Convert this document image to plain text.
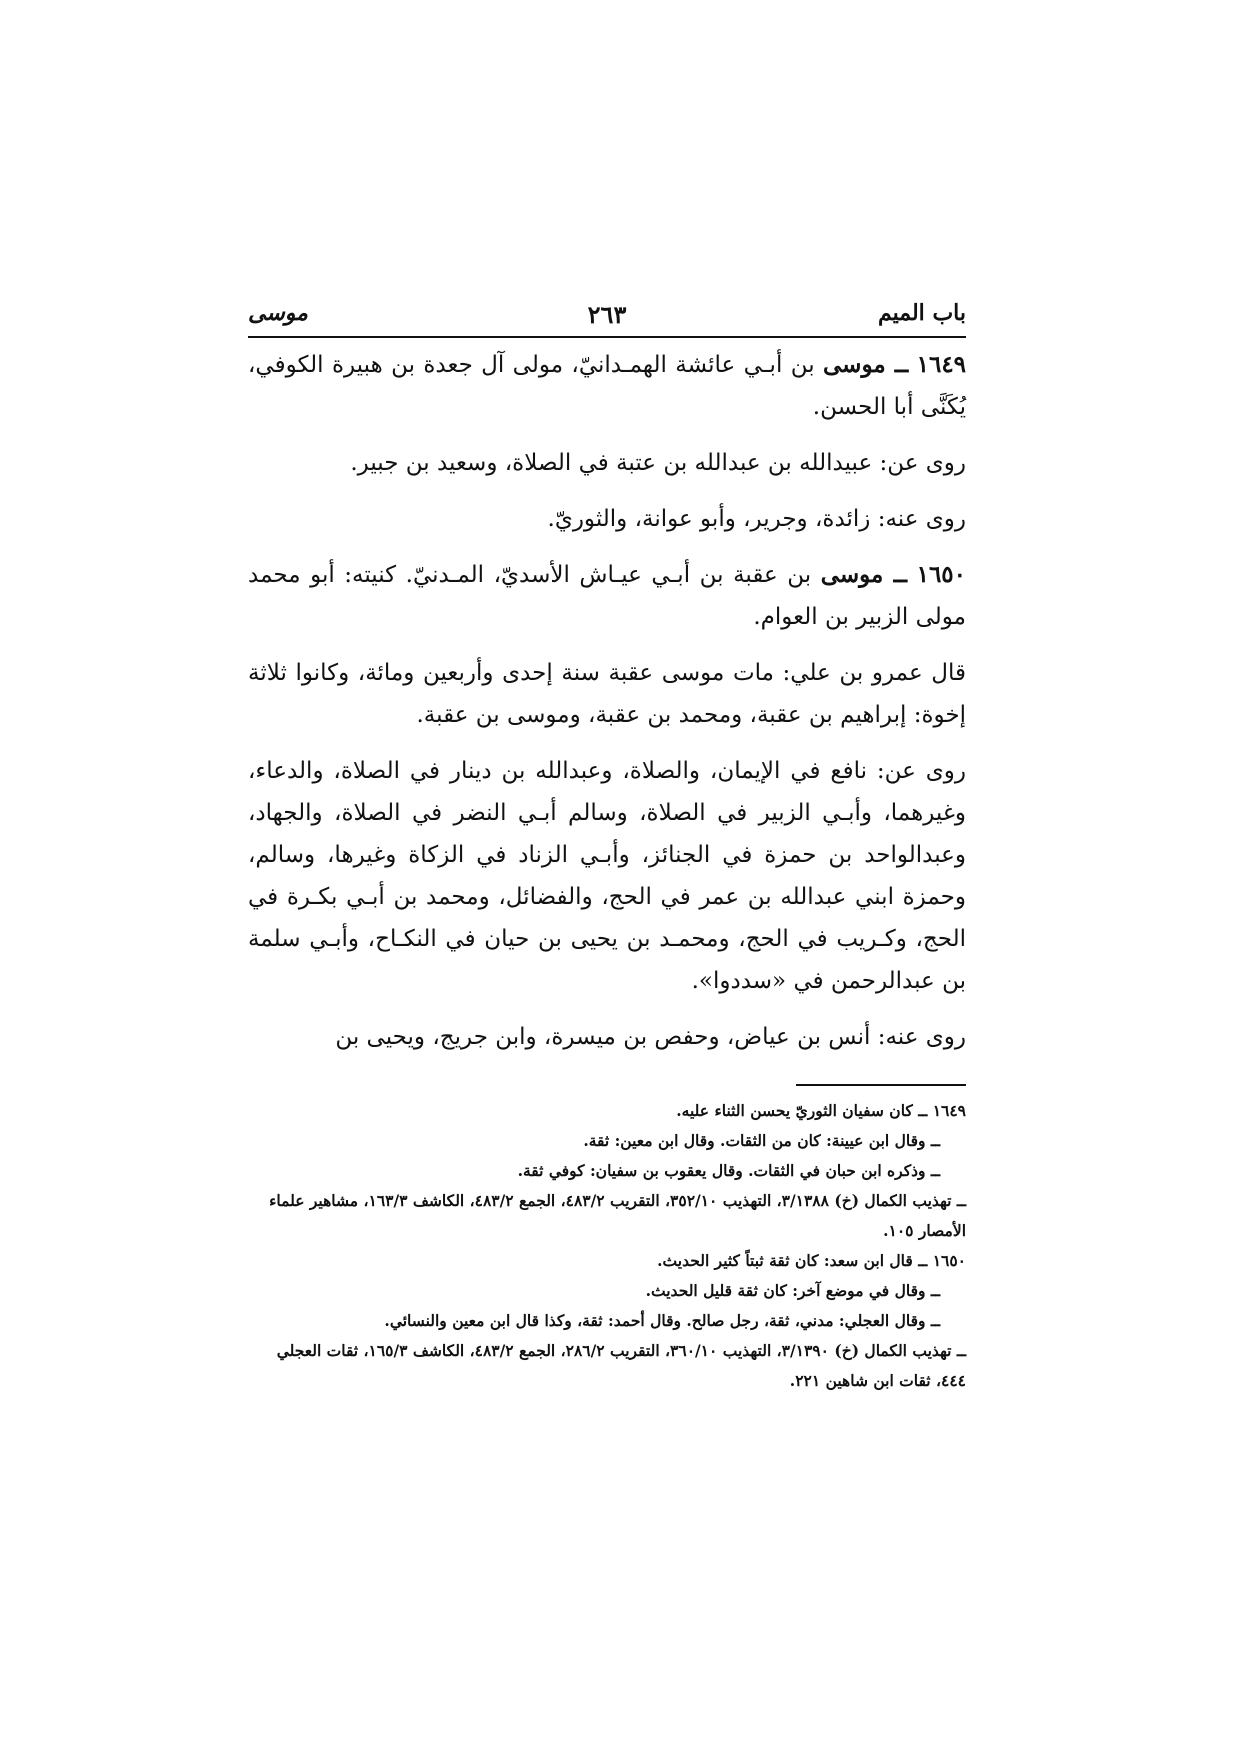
باب الميم
٢٦٣
موسى

١٦٤٩ ــ موسى بن أبـي عائشة الهمـدانيّ، مولى آل جعدة بن هبيرة الكوفي، يُكَنَّى أبا الحسن.

روى عن: عبيدالله بن عبدالله بن عتبة في الصلاة، وسعيد بن جبير.

روى عنه: زائدة، وجرير، وأبو عوانة، والثوريّ.

١٦٥٠ ــ موسى بن عقبة بن أبـي عيـاش الأسديّ، المـدنيّ. كنيته: أبو محمد مولى الزبير بن العوام.

قال عمرو بن علي: مات موسى عقبة سنة إحدى وأربعين ومائة، وكانوا ثلاثة إخوة: إبراهيم بن عقبة، ومحمد بن عقبة، وموسى بن عقبة.

روى عن: نافع في الإيمان، والصلاة، وعبدالله بن دينار في الصلاة، والدعاء، وغيرهما، وأبـي الزبير في الصلاة، وسالم أبـي النضر في الصلاة، والجهاد، وعبدالواحد بن حمزة في الجنائز، وأبـي الزناد في الزكاة وغيرها، وسالم، وحمزة ابني عبدالله بن عمر في الحج، والفضائل، ومحمد بن أبـي بكـرة في الحج، وكـريب في الحج، ومحمـد بن يحيى بن حيان في النكـاح، وأبـي سلمة بن عبدالرحمن في «سددوا».

روى عنه: أنس بن عياض، وحفص بن ميسرة، وابن جريج، ويحيى بن

١٦٤٩ ــ كان سفيان الثوريّ يحسن الثناء عليه.

ــ وقال ابن عيينة: كان من الثقات. وقال ابن معين: ثقة.

ــ وذكره ابن حبان في الثقات. وقال يعقوب بن سفيان: كوفي ثقة.

ــ تهذيب الكمال (خ) ٣/١٣٨٨، التهذيب ٣٥٢/١٠، التقريب ٤٨٣/٢، الجمع ٤٨٣/٢، الكاشف ١٦٣/٣، مشاهير علماء الأمصار ١٠٥.

١٦٥٠ ــ قال ابن سعد: كان ثقة ثبتاً كثير الحديث.

ــ وقال في موضع آخر: كان ثقة قليل الحديث.

ــ وقال العجلي: مدني، ثقة، رجل صالح. وقال أحمد: ثقة، وكذا قال ابن معين والنسائي.

ــ تهذيب الكمال (خ) ٣/١٣٩٠، التهذيب ٣٦٠/١٠، التقريب ٢٨٦/٢، الجمع ٤٨٣/٢، الكاشف ١٦٥/٣، ثقات العجلي ٤٤٤، ثقات ابن شاهين ٢٢١.
